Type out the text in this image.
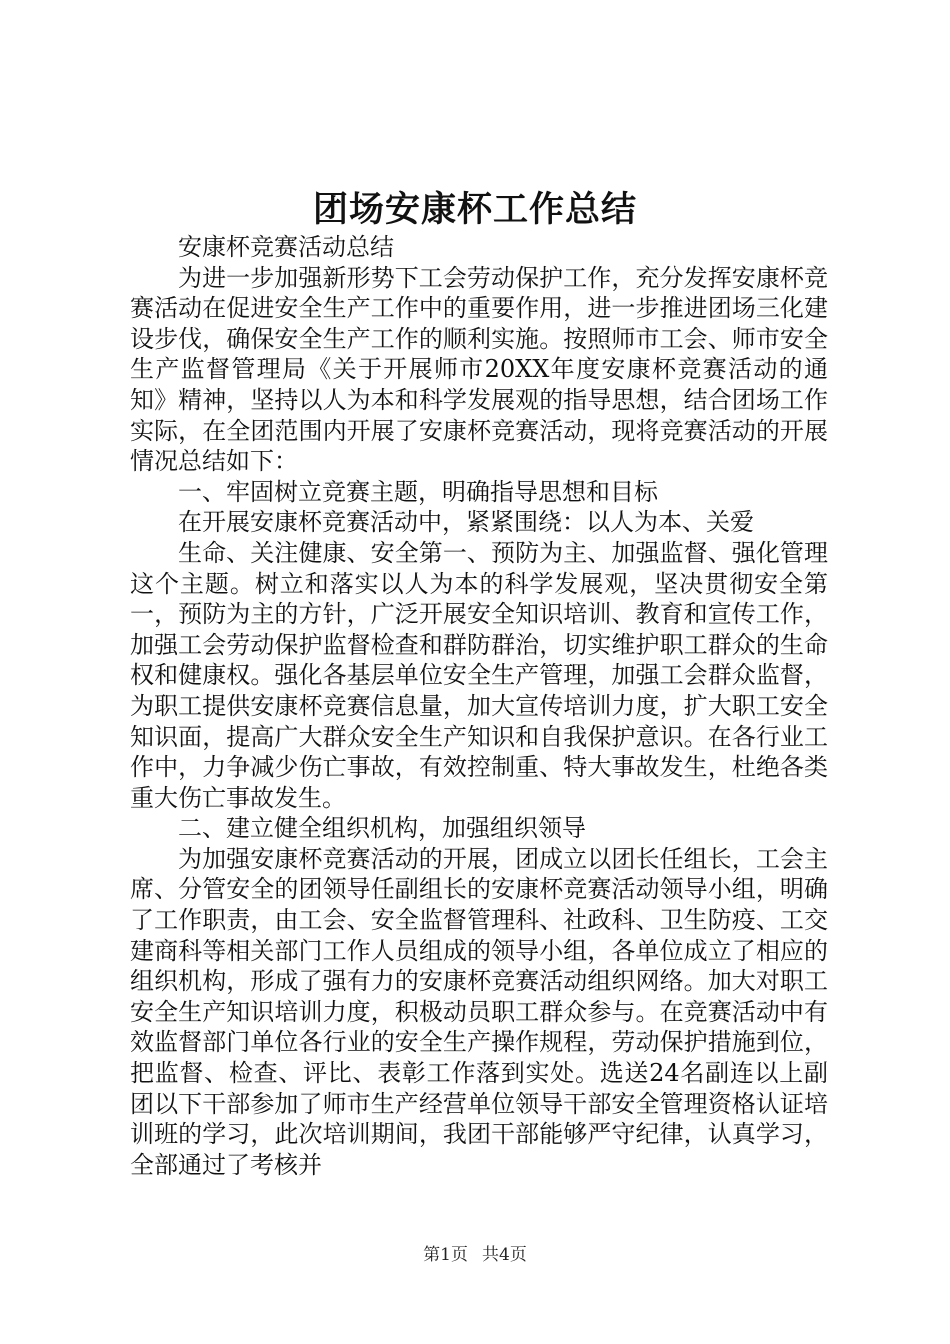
团场安康杯工作总结

安康杯竞赛活动总结

为进一步加强新形势下工会劳动保护工作，充分发挥安康杯竞赛活动在促进安全生产工作中的重要作用，进一步推进团场三化建设步伐，确保安全生产工作的顺利实施。按照师市工会、师市安全生产监督管理局《关于开展师市20XX年度安康杯竞赛活动的通知》精神，坚持以人为本和科学发展观的指导思想，结合团场工作实际，在全团范围内开展了安康杯竞赛活动，现将竞赛活动的开展情况总结如下：

一、牢固树立竞赛主题，明确指导思想和目标

在开展安康杯竞赛活动中，紧紧围绕：以人为本、关爱

生命、关注健康、安全第一、预防为主、加强监督、强化管理这个主题。树立和落实以人为本的科学发展观，坚决贯彻安全第一，预防为主的方针，广泛开展安全知识培训、教育和宣传工作，加强工会劳动保护监督检查和群防群治，切实维护职工群众的生命权和健康权。强化各基层单位安全生产管理，加强工会群众监督，为职工提供安康杯竞赛信息量，加大宣传培训力度，扩大职工安全知识面，提高广大群众安全生产知识和自我保护意识。在各行业工作中，力争减少伤亡事故，有效控制重、特大事故发生，杜绝各类重大伤亡事故发生。

二、建立健全组织机构，加强组织领导

为加强安康杯竞赛活动的开展，团成立以团长任组长，工会主席、分管安全的团领导任副组长的安康杯竞赛活动领导小组，明确了工作职责，由工会、安全监督管理科、社政科、卫生防疫、工交建商科等相关部门工作人员组成的领导小组，各单位成立了相应的组织机构，形成了强有力的安康杯竞赛活动组织网络。加大对职工安全生产知识培训力度，积极动员职工群众参与。在竞赛活动中有效监督部门单位各行业的安全生产操作规程，劳动保护措施到位，把监督、检查、评比、表彰工作落到实处。选送24名副连以上副团以下干部参加了师市生产经营单位领导干部安全管理资格认证培训班的学习，此次培训期间，我团干部能够严守纪律，认真学习，全部通过了考核并

第1页 共4页
